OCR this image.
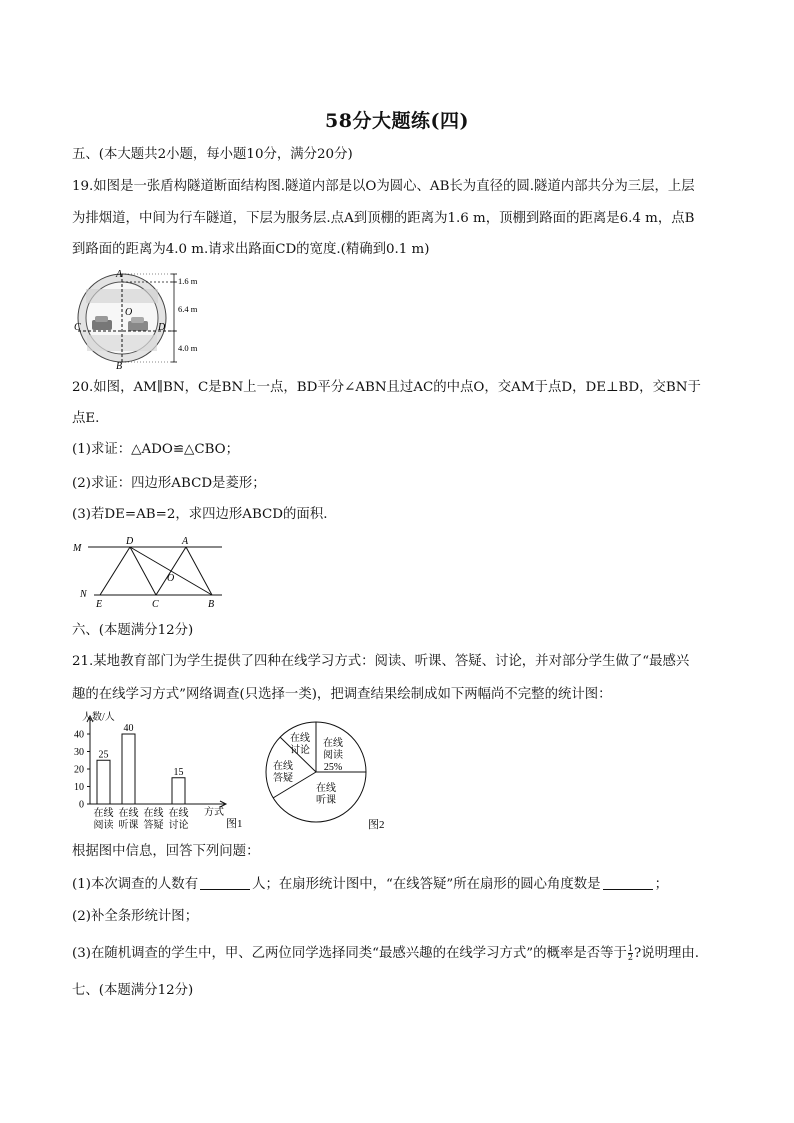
58分大题练(四)
五、(本大题共2小题，每小题10分，满分20分)
19.如图是一张盾构隧道断面结构图.隧道内部是以O为圆心、AB长为直径的圆.隧道内部共分为三层，上层
为排烟道，中间为行车隧道，下层为服务层.点A到顶棚的距离为1.6 m，顶棚到路面的距离是6.4 m，点B
到路面的距离为4.0 m.请求出路面CD的宽度.(精确到0.1 m)
A
O
C	D
B
1.6 m
6.4 m
4.0 m
20.如图，AM∥BN，C是BN上一点，BD平分∠ABN且过AC的中点O，交AM于点D，DE⊥BD，交BN于
点E.
(1)求证：△ADO≌△CBO；
(2)求证：四边形ABCD是菱形；
(3)若DE=AB=2，求四边形ABCD的面积.
M
D	A
O
N
E	C	B
六、(本题满分12分)
21.某地教育部门为学生提供了四种在线学习方式：阅读、听课、答疑、讨论，并对部分学生做了“最感兴
趣的在线学习方式”网络调查(只选择一类)，把调查结果绘制成如下两幅尚不完整的统计图：
25
40
15
0
10
20
30
40
在线
阅读
在线
听课
在线
答疑
在线
讨论
人数/人
方式
图1
在线
阅读
25%
在线
听课
在线
答疑
在线
讨论
图2
根据图中信息，回答下列问题：
(1)本次调查的人数有	人；在扇形统计图中，“在线答疑”所在扇形的圆心角度数是	；
(2)补全条形统计图；
(3)在随机调查的学生中，甲、乙两位同学选择同类“最感兴趣的在线学习方式”的概率是否等于 $\frac{1}{2}$ ?说明理由.
七、(本题满分12分)
